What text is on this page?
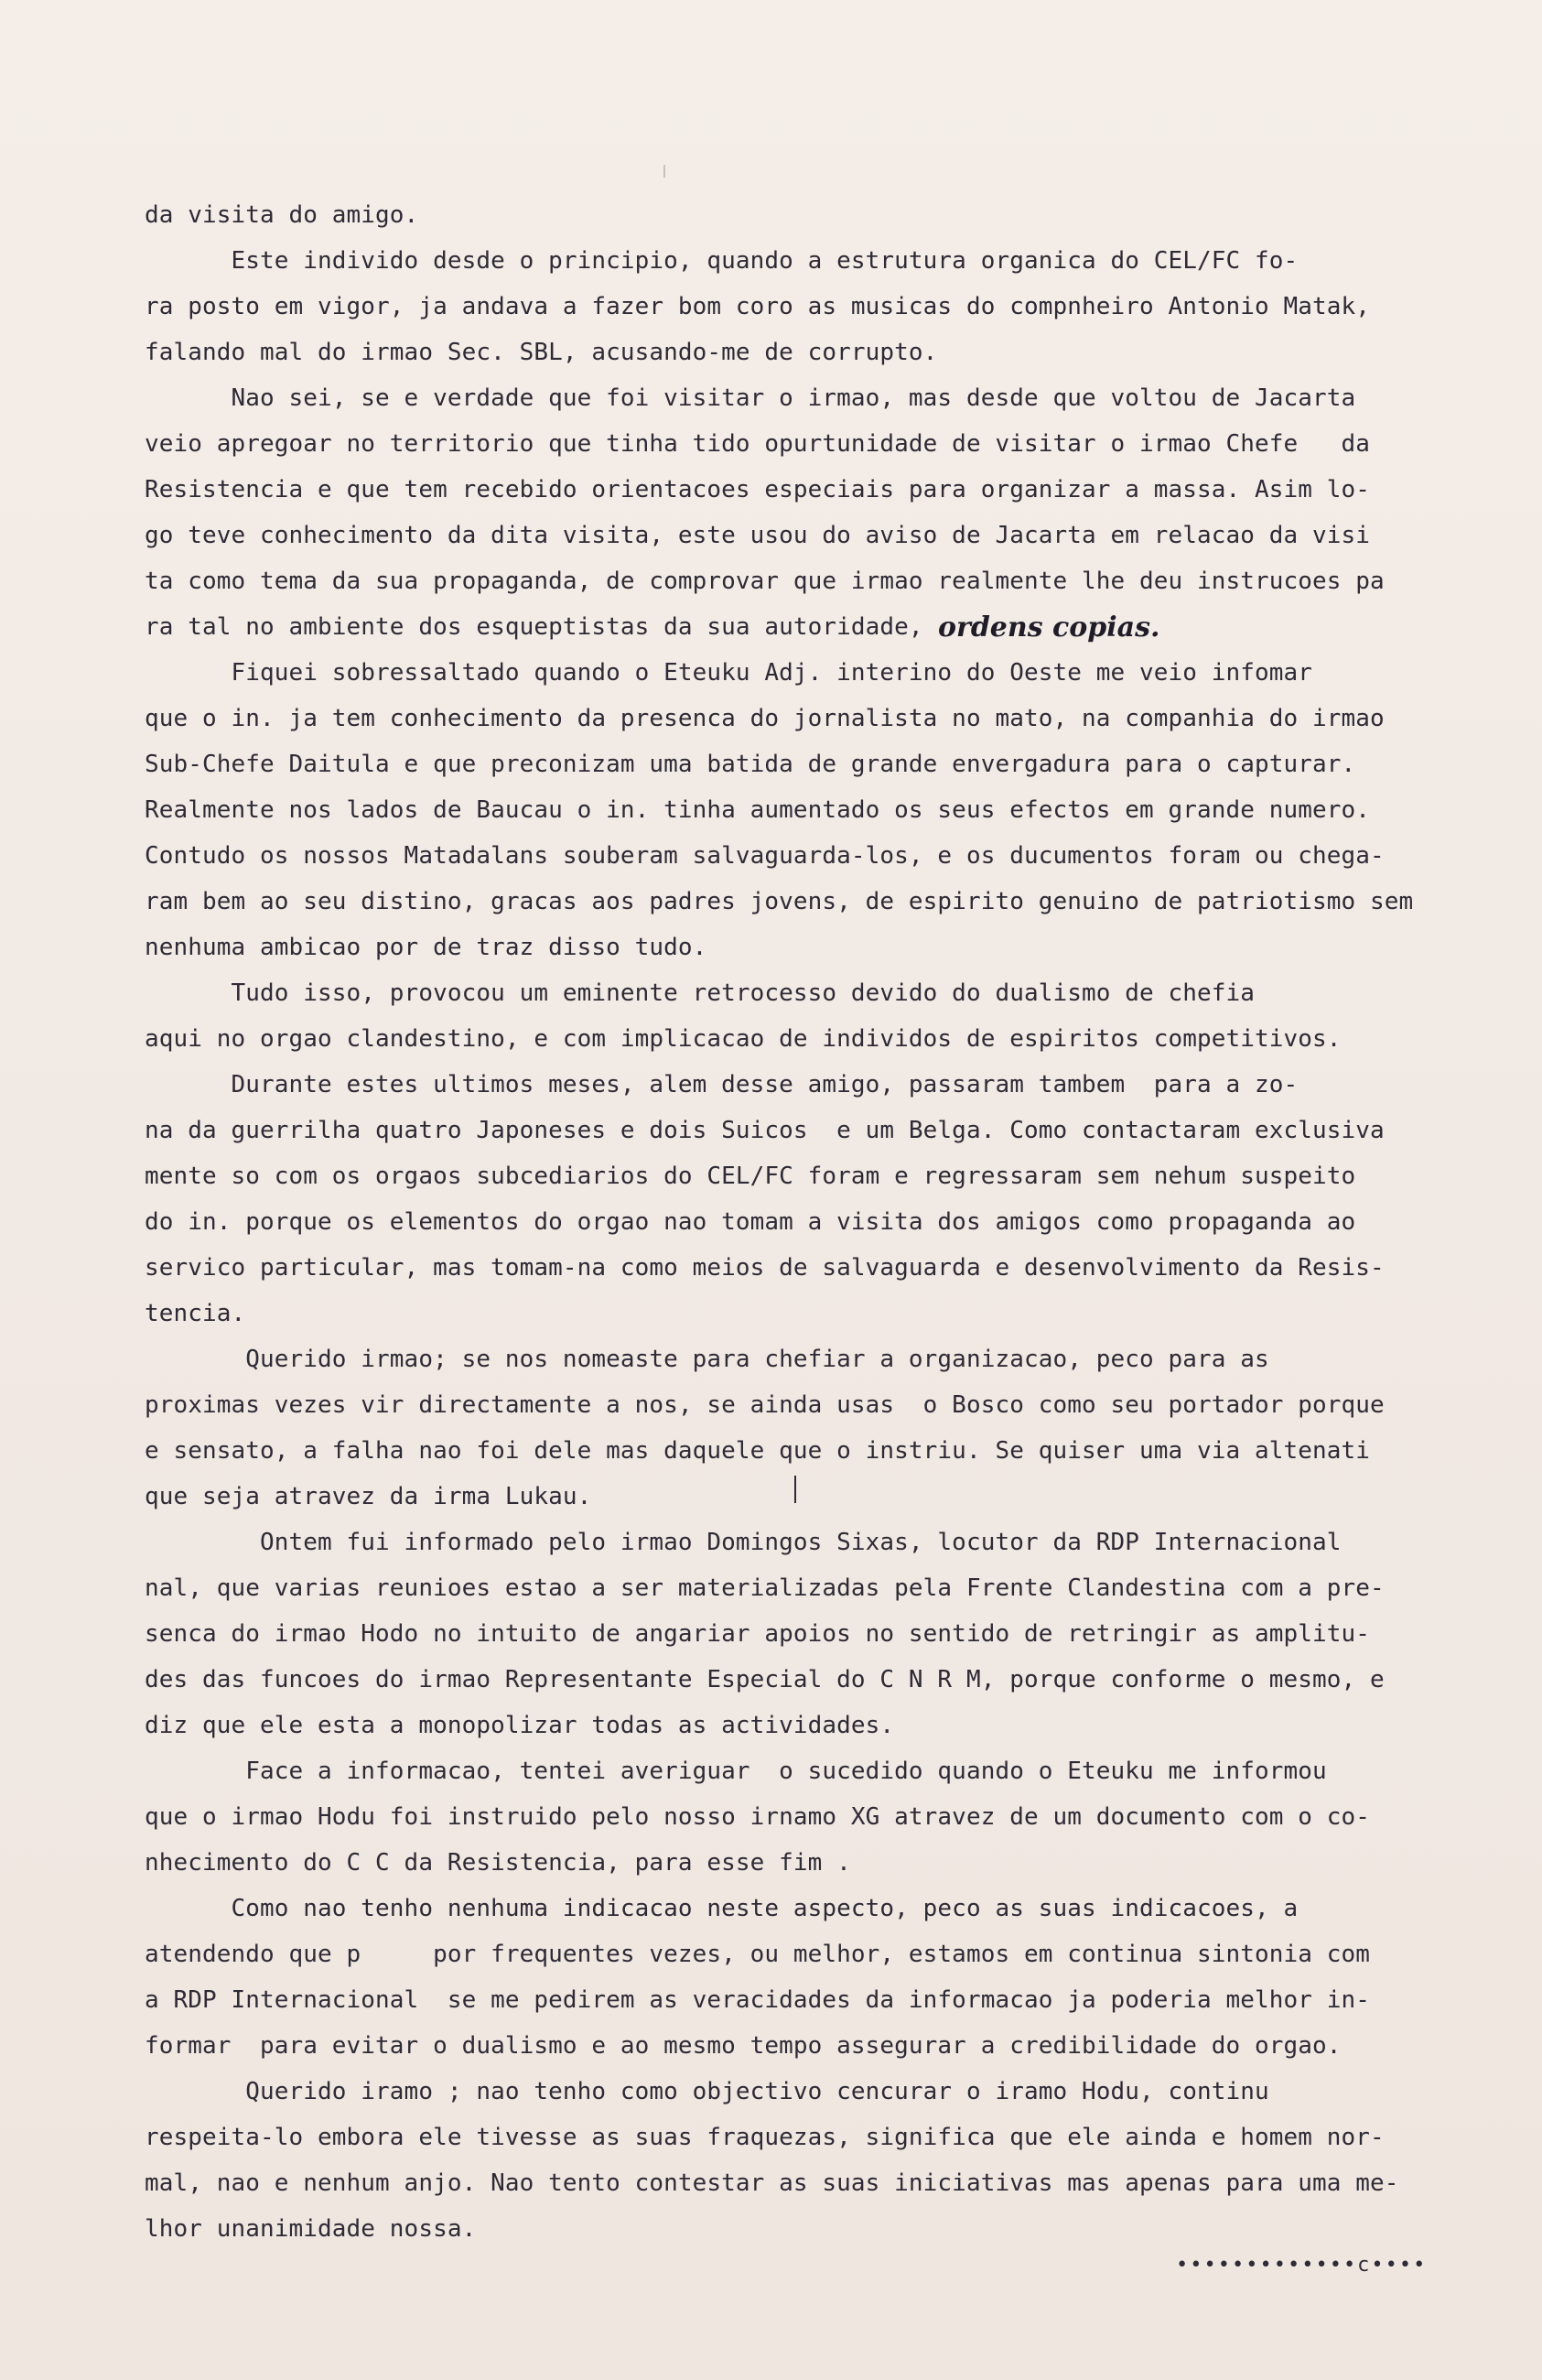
da visita do amigo.
Este individo desde o principio, quando a estrutura organica do CEL/FC fo-
ra posto em vigor, ja andava a fazer bom coro as musicas do compnheiro Antonio Matak,
falando mal do irmao Sec. SBL, acusando-me de corrupto.
Nao sei, se e verdade que foi visitar o irmao, mas desde que voltou de Jacarta
veio apregoar no territorio que tinha tido opurtunidade de visitar o irmao Chefe   da
Resistencia e que tem recebido orientacoes especiais para organizar a massa. Asim lo-
go teve conhecimento da dita visita, este usou do aviso de Jacarta em relacao da visi
ta como tema da sua propaganda, de comprovar que irmao realmente lhe deu instrucoes pa
ra tal no ambiente dos esqueptistas da sua autoridade,
Fiquei sobressaltado quando o Eteuku Adj. interino do Oeste me veio infomar
que o in. ja tem conhecimento da presenca do jornalista no mato, na companhia do irmao
Sub-Chefe Daitula e que preconizam uma batida de grande envergadura para o capturar.
Realmente nos lados de Baucau o in. tinha aumentado os seus efectos em grande numero.
Contudo os nossos Matadalans souberam salvaguarda-los, e os ducumentos foram ou chega-
ram bem ao seu distino, gracas aos padres jovens, de espirito genuino de patriotismo sem
nenhuma ambicao por de traz disso tudo.
Tudo isso, provocou um eminente retrocesso devido do dualismo de chefia
aqui no orgao clandestino, e com implicacao de individos de espiritos competitivos.
Durante estes ultimos meses, alem desse amigo, passaram tambem  para a zo-
na da guerrilha quatro Japoneses e dois Suicos  e um Belga. Como contactaram exclusiva
mente so com os orgaos subcediarios do CEL/FC foram e regressaram sem nehum suspeito
do in. porque os elementos do orgao nao tomam a visita dos amigos como propaganda ao
servico particular, mas tomam-na como meios de salvaguarda e desenvolvimento da Resis-
tencia.
Querido irmao; se nos nomeaste para chefiar a organizacao, peco para as
proximas vezes vir directamente a nos, se ainda usas  o Bosco como seu portador porque
e sensato, a falha nao foi dele mas daquele que o instriu. Se quiser uma via altenati
que seja atravez da irma Lukau.
Ontem fui informado pelo irmao Domingos Sixas, locutor da RDP Internacional
nal, que varias reunioes estao a ser materializadas pela Frente Clandestina com a pre-
senca do irmao Hodo no intuito de angariar apoios no sentido de retringir as amplitu-
des das funcoes do irmao Representante Especial do C N R M, porque conforme o mesmo, e
diz que ele esta a monopolizar todas as actividades.
Face a informacao, tentei averiguar  o sucedido quando o Eteuku me informou
que o irmao Hodu foi instruido pelo nosso irnamo XG atravez de um documento com o co-
nhecimento do C C da Resistencia, para esse fim .
Como nao tenho nenhuma indicacao neste aspecto, peco as suas indicacoes, a
atendendo que p     por frequentes vezes, ou melhor, estamos em continua sintonia com
a RDP Internacional  se me pedirem as veracidades da informacao ja poderia melhor in-
formar  para evitar o dualismo e ao mesmo tempo assegurar a credibilidade do orgao.
Querido iramo ; nao tenho como objectivo cencurar o iramo Hodu, continu
respeita-lo embora ele tivesse as suas fraquezas, significa que ele ainda e homem nor-
mal, nao e nenhum anjo. Nao tento contestar as suas iniciativas mas apenas para uma me-
lhor unanimidade nossa.
ordens copias.
•••••••••••••c••••
